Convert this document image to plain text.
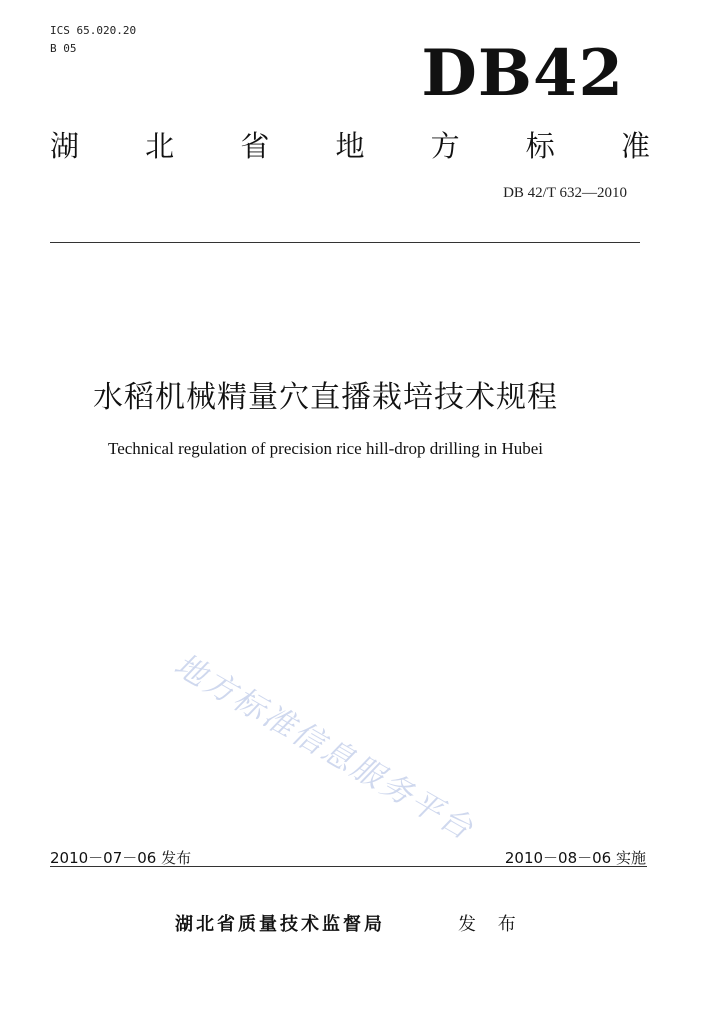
ICS 65.020.20
B 05	DB42
湖 北 省 地 方 标 准
DB 42/T 632—2010
水稻机械精量穴直播栽培技术规程
Technical regulation of precision rice hill-drop drilling in Hubei
地方标准信息服务平台
2010－07－06 发布	2010－08－06 实施
湖北省质量技术监督局	发 布
